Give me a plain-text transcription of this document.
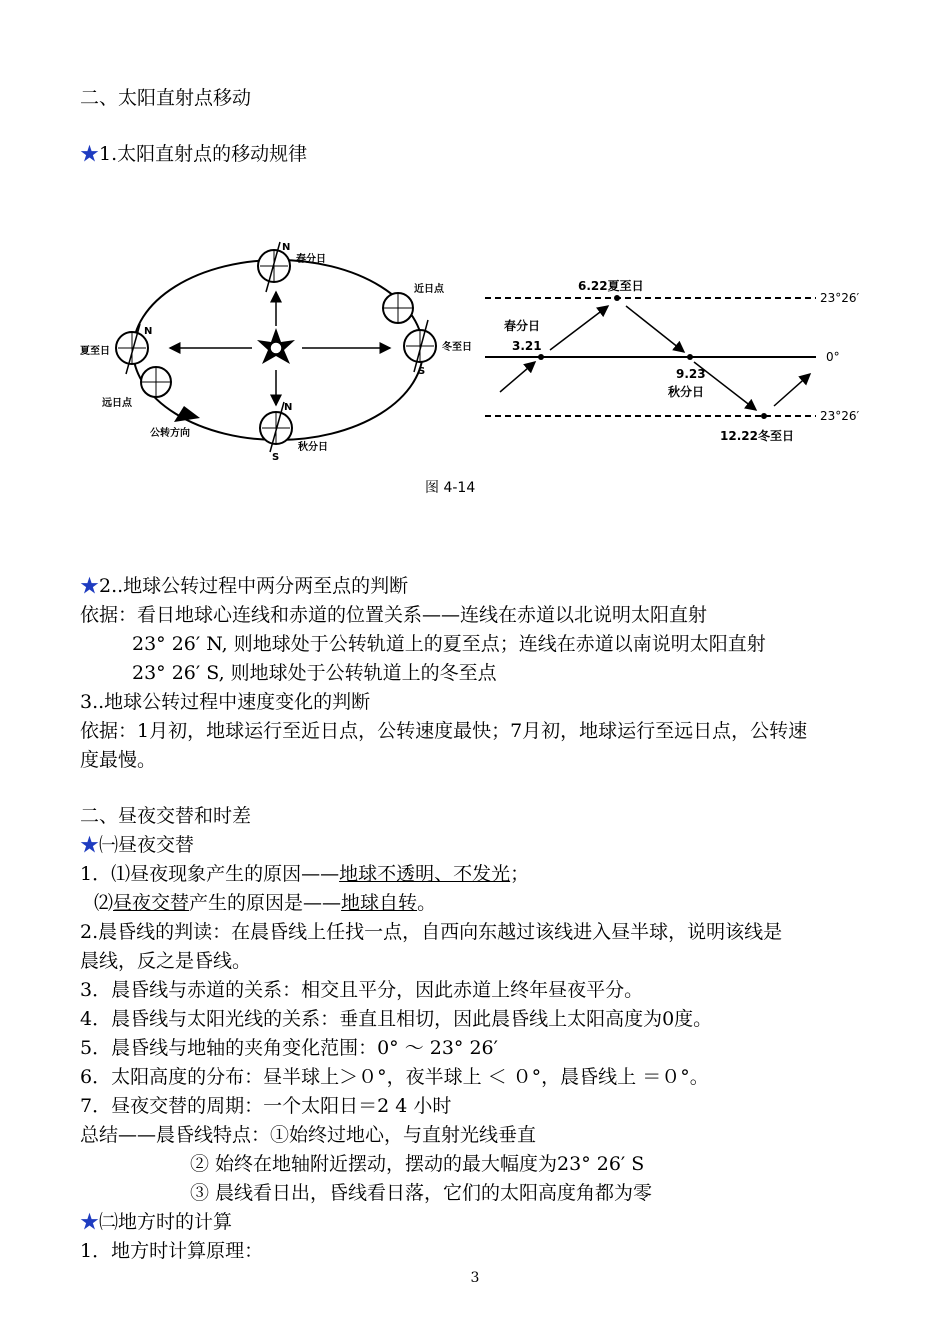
二、太阳直射点移动
★1.太阳直射点的移动规律
N
春分日
近日点
冬至日
S
夏至日
N
远日点
公转方向
N
秋分日
S
6.22夏至日
春分日
3.21
9.23
秋分日
12.22冬至日
23°26′
0°
23°26′
图 4-14
★2..地球公转过程中两分两至点的判断
依据：看日地球心连线和赤道的位置关系——连线在赤道以北说明太阳直射
23° 26′ N, 则地球处于公转轨道上的夏至点；连线在赤道以南说明太阳直射
23° 26′ S, 则地球处于公转轨道上的冬至点
3..地球公转过程中速度变化的判断
依据：1月初，地球运行至近日点，公转速度最快；7月初，地球运行至远日点，公转速
度最慢。
二、昼夜交替和时差
★㈠昼夜交替
1．⑴昼夜现象产生的原因——地球不透明、不发光；
⑵昼夜交替产生的原因是——地球自转。
2.晨昏线的判读：在晨昏线上任找一点，自西向东越过该线进入昼半球，说明该线是
晨线，反之是昏线。
3．晨昏线与赤道的关系：相交且平分，因此赤道上终年昼夜平分。
4．晨昏线与太阳光线的关系：垂直且相切，因此晨昏线上太阳高度为0度。
5．晨昏线与地轴的夹角变化范围：0° ～ 23° 26′
6．太阳高度的分布：昼半球上＞０°，夜半球上 ＜ ０°，晨昏线上 ＝０°。
7．昼夜交替的周期：一个太阳日＝2 4 小时
总结——晨昏线特点：①始终过地心，与直射光线垂直
② 始终在地轴附近摆动，摆动的最大幅度为23° 26′ S
③ 晨线看日出，昏线看日落，它们的太阳高度角都为零
★㈡地方时的计算
1．地方时计算原理：
3
